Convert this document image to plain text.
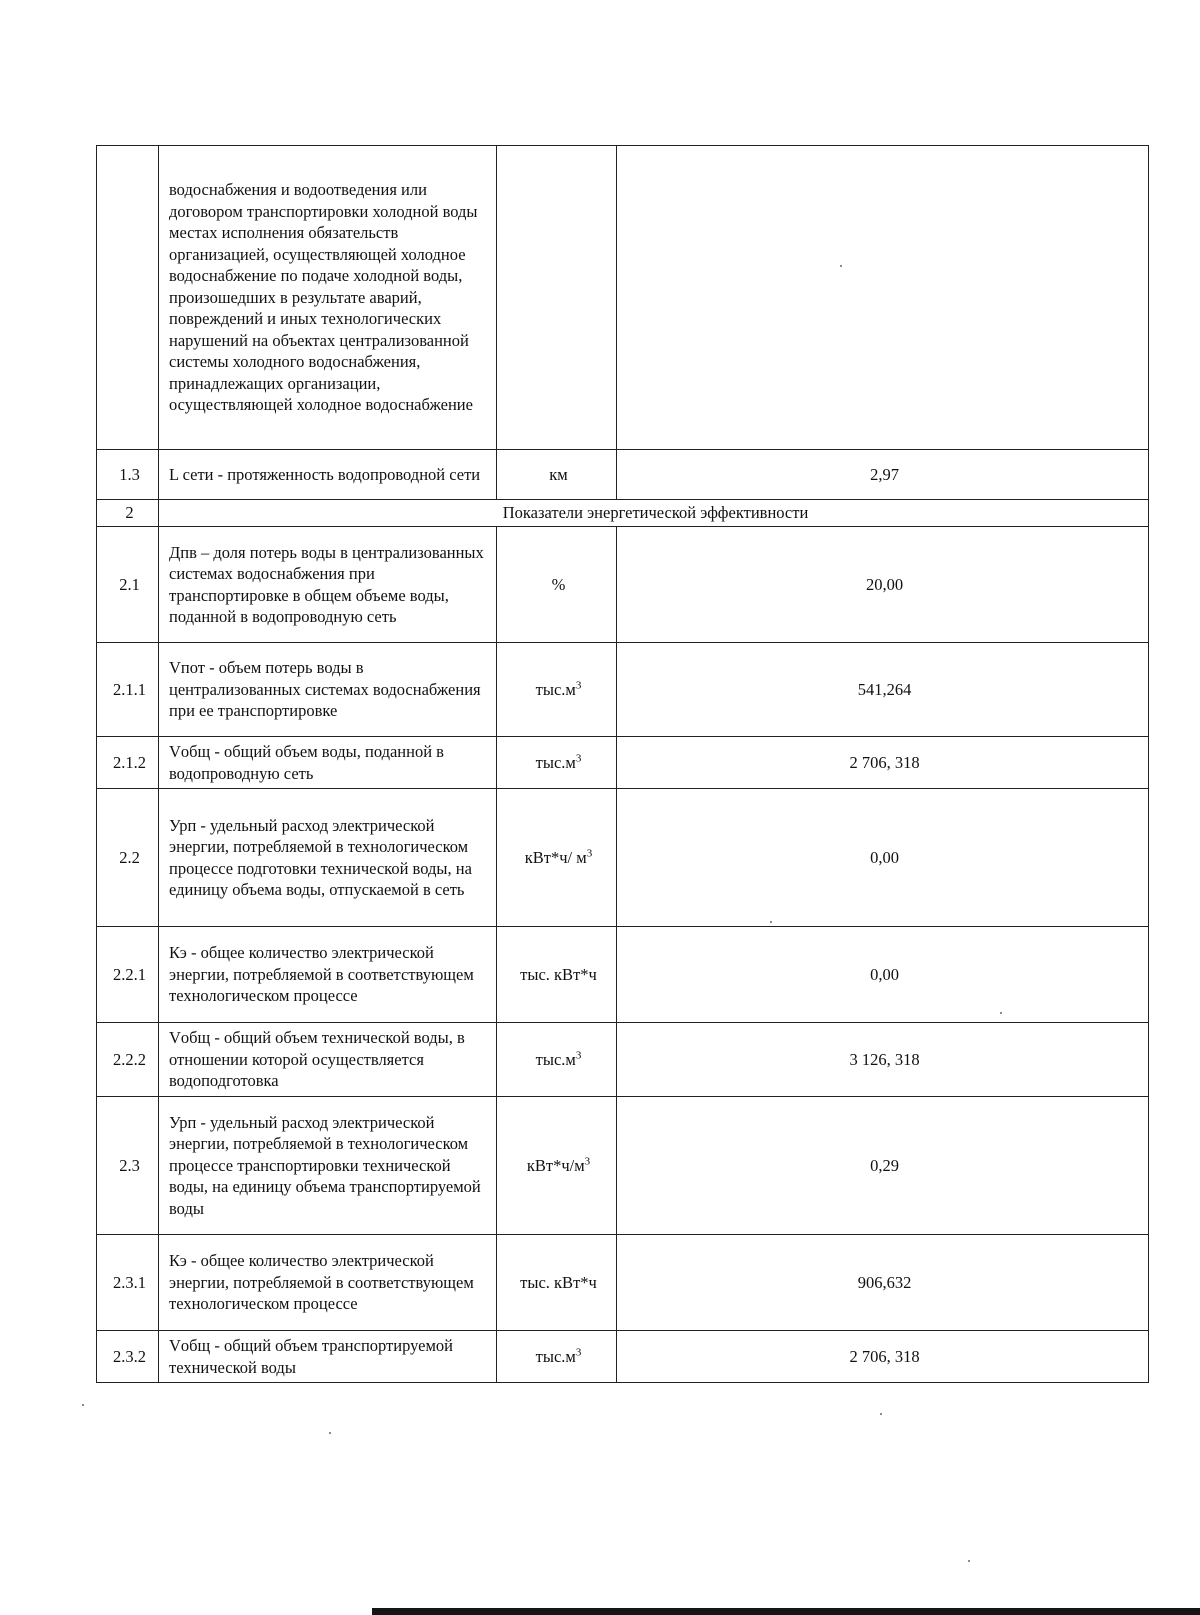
	водоснабжения и водоотведения или договором транспортировки холодной воды местах исполнения обязательств организацией, осуществляющей холодное водоснабжение по подаче холодной воды, произошедших в результате аварий, повреждений и иных технологических нарушений на объектах централизованной системы холодного водоснабжения, принадлежащих организации, осуществляющей холодное водоснабжение		
1.3	L сети - протяженность водопроводной сети	км	2,97
2	Показатели энергетической эффективности		
2.1	Дпв – доля потерь воды в централизованных системах водоснабжения при транспортировке в общем объеме воды, поданной в водопроводную сеть	%	20,00
2.1.1	Vпот - объем потерь воды в централизованных системах водоснабжения при ее транспортировке	$тыс.м^3$	541,264
2.1.2	Vобщ - общий объем воды, поданной в водопроводную сеть	$тыс.м^3$	2 706, 318
2.2	Урп - удельный расход электрической энергии, потребляемой в технологическом процессе подготовки технической воды, на единицу объема воды, отпускаемой в сеть	кВт*ч/ $м^3$	0,00
2.2.1	Кэ - общее количество электрической энергии, потребляемой в соответствующем технологическом процессе	тыс. кВт*ч	0,00
2.2.2	Vобщ - общий объем технической воды, в отношении которой осуществляется водоподготовка	$тыс.м^3$	3 126, 318
2.3	Урп - удельный расход электрической энергии, потребляемой в технологическом процессе транспортировки технической воды, на единицу объема транспортируемой воды	$кВт*ч/м^3$	0,29
2.3.1	Кэ - общее количество электрической энергии, потребляемой в соответствующем технологическом процессе	тыс. кВт*ч	906,632
2.3.2	Vобщ - общий объем транспортируемой технической воды	$тыс.м^3$	2 706, 318
